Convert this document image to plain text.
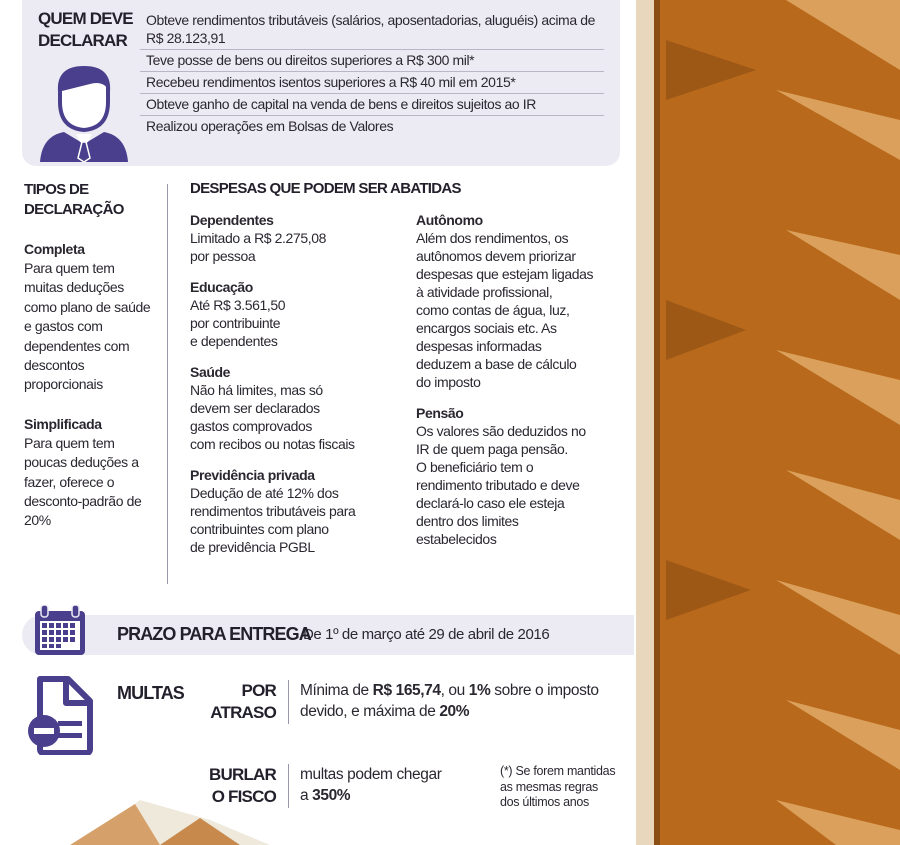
QUEM DEVE
DECLARAR
Obteve rendimentos tributáveis (salários, aposentadorias, aluguéis) acima de R$ 28.123,91
Teve posse de bens ou direitos superiores a R$ 300 mil*
Recebeu rendimentos isentos superiores a R$ 40 mil em 2015*
Obteve ganho de capital na venda de bens e direitos sujeitos ao IR
Realizou operações em Bolsas de Valores
TIPOS DE
DECLARAÇÃO
Completa
Para quem tem muitas deduções como plano de saúde e gastos com dependentes com descontos proporcionais
Simplificada
Para quem tem poucas deduções a fazer, oferece o desconto-padrão de 20%
DESPESAS QUE PODEM SER ABATIDAS
Dependentes
Limitado a R$ 2.275,08
por pessoa
Educação
Até R$ 3.561,50
por contribuinte
e dependentes
Saúde
Não há limites, mas só
devem ser declarados
gastos comprovados
com recibos ou notas fiscais
Previdência privada
Dedução de até 12% dos
rendimentos tributáveis para
contribuintes com plano
de previdência PGBL
Autônomo
Além dos rendimentos, os
autônomos devem priorizar
despesas que estejam ligadas
à atividade profissional,
como contas de água, luz,
encargos sociais etc. As
despesas informadas
deduzem a base de cálculo
do imposto
Pensão
Os valores são deduzidos no
IR de quem paga pensão.
O beneficiário tem o
rendimento tributado e deve
declará-lo caso ele esteja
dentro dos limites
estabelecidos
PRAZO PARA ENTREGA
De 1º de março até 29 de abril de 2016
MULTAS	POR
ATRASO
Mínima de R$ 165,74, ou 1% sobre o imposto devido, e máxima de 20%
BURLAR
O FISCO
multas podem chegar a 350%
(*) Se forem mantidas as mesmas regras dos últimos anos
